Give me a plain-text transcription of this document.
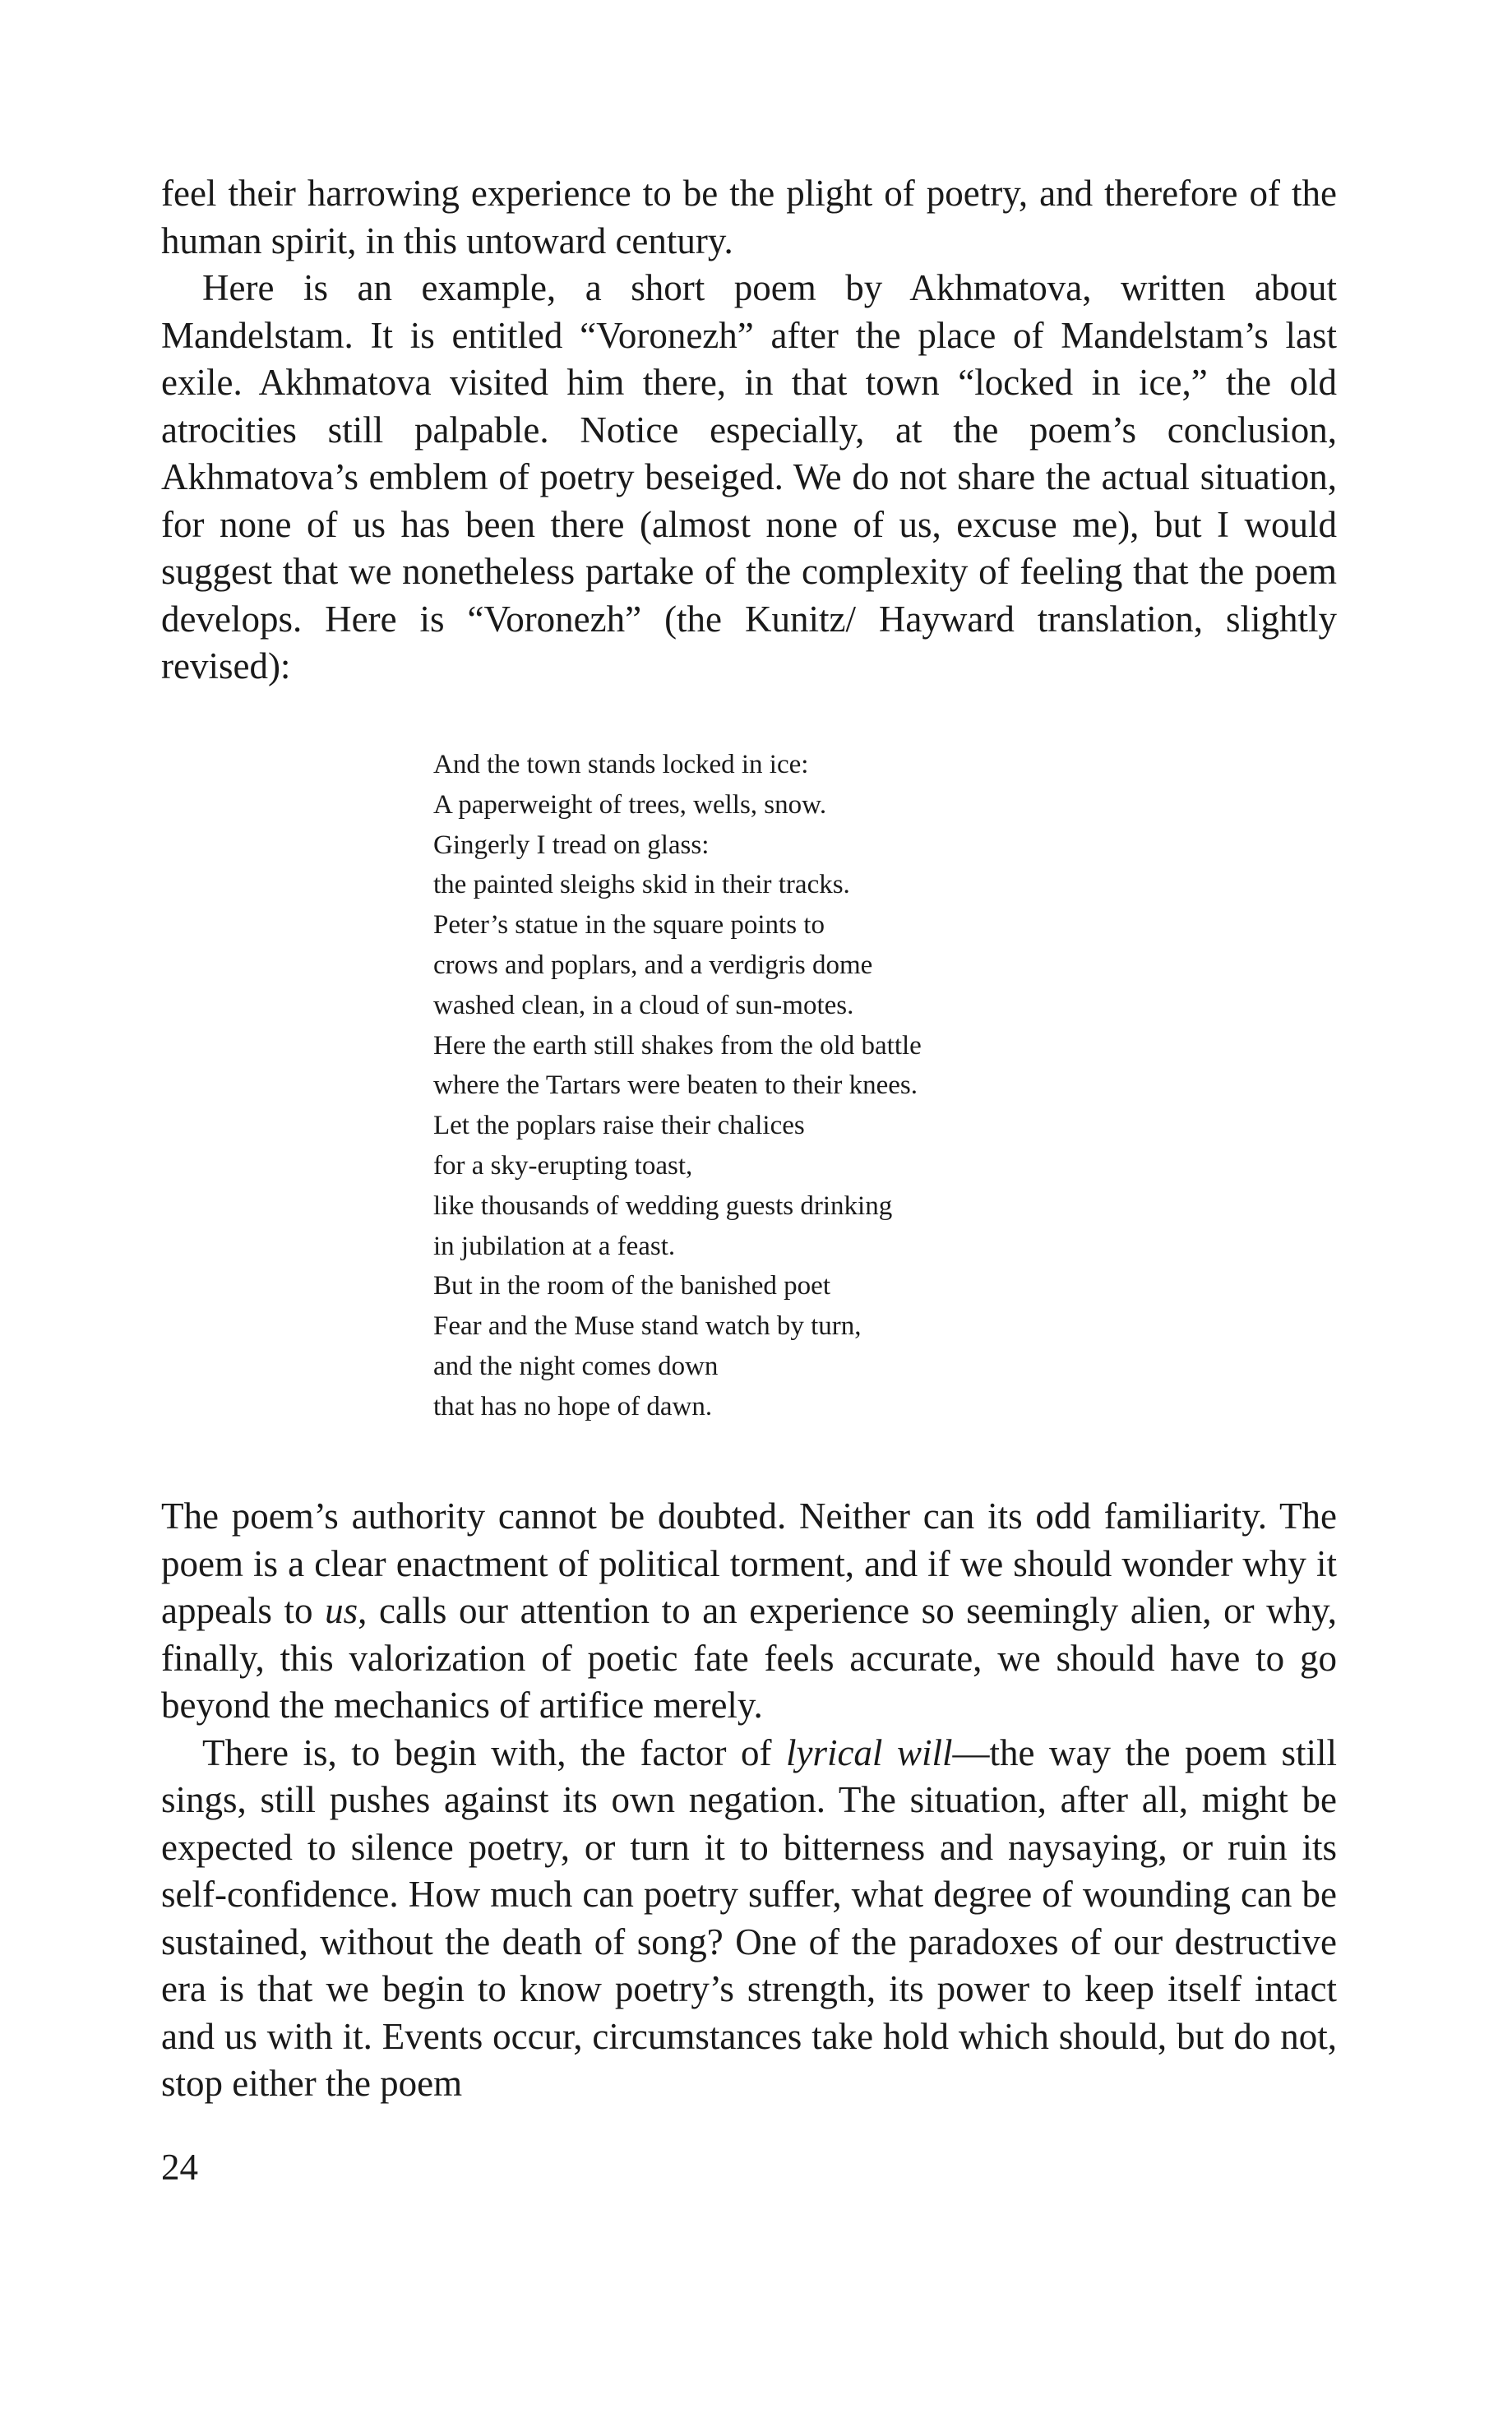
feel their harrowing experience to be the plight of poetry, and therefore of the human spirit, in this untoward century.

Here is an example, a short poem by Akhmatova, written about Mandelstam. It is entitled “Voronezh” after the place of Mandelstam’s last exile. Akhmatova visited him there, in that town “locked in ice,” the old atrocities still palpable. Notice especially, at the poem’s conclusion, Akhmatova’s emblem of poetry beseiged. We do not share the actual situation, for none of us has been there (almost none of us, excuse me), but I would suggest that we nonetheless partake of the complexity of feeling that the poem develops. Here is “Voronezh” (the Kunitz/ Hayward translation, slightly revised):

And the town stands locked in ice:
A paperweight of trees, wells, snow.
Gingerly I tread on glass:
the painted sleighs skid in their tracks.
Peter’s statue in the square points to
crows and poplars, and a verdigris dome
washed clean, in a cloud of sun-motes.
Here the earth still shakes from the old battle
where the Tartars were beaten to their knees.
Let the poplars raise their chalices
for a sky-erupting toast,
like thousands of wedding guests drinking
in jubilation at a feast.
But in the room of the banished poet
Fear and the Muse stand watch by turn,
and the night comes down
that has no hope of dawn.

The poem’s authority cannot be doubted. Neither can its odd familiarity. The poem is a clear enactment of political torment, and if we should wonder why it appeals to us, calls our attention to an experience so seemingly alien, or why, finally, this valorization of poetic fate feels accurate, we should have to go beyond the mechanics of artifice merely.

There is, to begin with, the factor of lyrical will—the way the poem still sings, still pushes against its own negation. The situation, after all, might be expected to silence poetry, or turn it to bitterness and naysaying, or ruin its self-confidence. How much can poetry suffer, what degree of wounding can be sustained, without the death of song? One of the paradoxes of our destructive era is that we begin to know poetry’s strength, its power to keep itself intact and us with it. Events occur, circumstances take hold which should, but do not, stop either the poem

24
